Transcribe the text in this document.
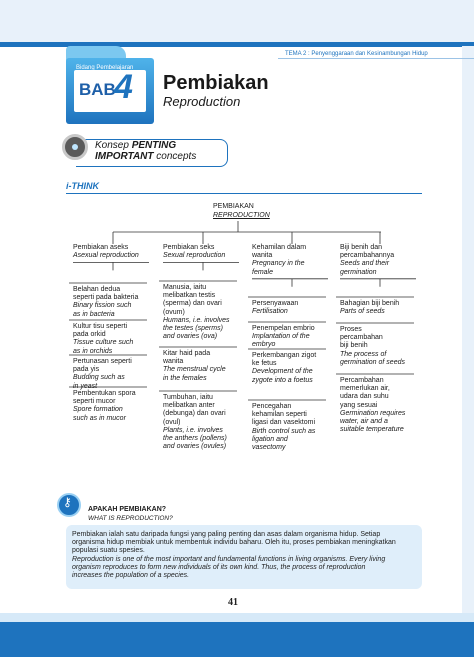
TEMA 2 : Penyenggaraan dan Kesinambungan Hidup
Bidang Pembelajaran
BAB
4 Pembiakan
Reproduction
Konsep PENTING
IMPORTANT concepts
i-THINK
PEMBIAKAN
REPRODUCTION
Pembiakan aseks
Asexual reproduction
Belahan dedua
seperti pada bakteria
Binary fission such
as in bacteria
Kultur tisu seperti
pada orkid
Tissue culture such
as in orchids
Pertunasan seperti
pada yis
Budding such as
in yeast
Pembentukan spora
seperti mucor
Spore formation
such as in mucor
Pembiakan seks
Sexual reproduction
Manusia, iaitu
melibatkan testis
(sperma) dan ovari
(ovum)
Humans, i.e. involves
the testes (sperms)
and ovaries (ova)
Kitar haid pada
wanita
The menstrual cycle
in the females
Tumbuhan, iaitu
melibatkan anter
(debunga) dan ovari
(ovul)
Plants, i.e. involves
the anthers (pollens)
and ovaries (ovules)
Kehamilan dalam
wanita
Pregnancy in the
female
Persenyawaan
Fertilisation
Penempelan embrio
Implantation of the
embryo
Perkembangan zigot
ke fetus
Development of the
zygote into a foetus
Pencegahan
kehamilan seperti
ligasi dan vasektomi
Birth control such as
ligation and
vasectomy
Biji benih dan
percambahannya
Seeds and their
germination
Bahagian biji benih
Parts of seeds
Proses
percambahan
biji benih
The process of
germination of seeds
Percambahan
memerlukan air,
udara dan suhu
yang sesuai
Germination requires
water, air and a
suitable temperature
⚷
APAKAH PEMBIAKAN?
WHAT IS REPRODUCTION?

Pembiakan ialah satu daripada fungsi yang paling penting dan asas dalam organisma hidup. Setiap

organisma hidup membiak untuk membentuk individu baharu. Oleh itu, proses pembiakan meningkatkan

populasi suatu spesies.

Reproduction is one of the most important and fundamental functions in living organisms. Every living

organism reproduces to form new individuals of its own kind. Thus, the process of reproduction

increases the population of a species.

41
